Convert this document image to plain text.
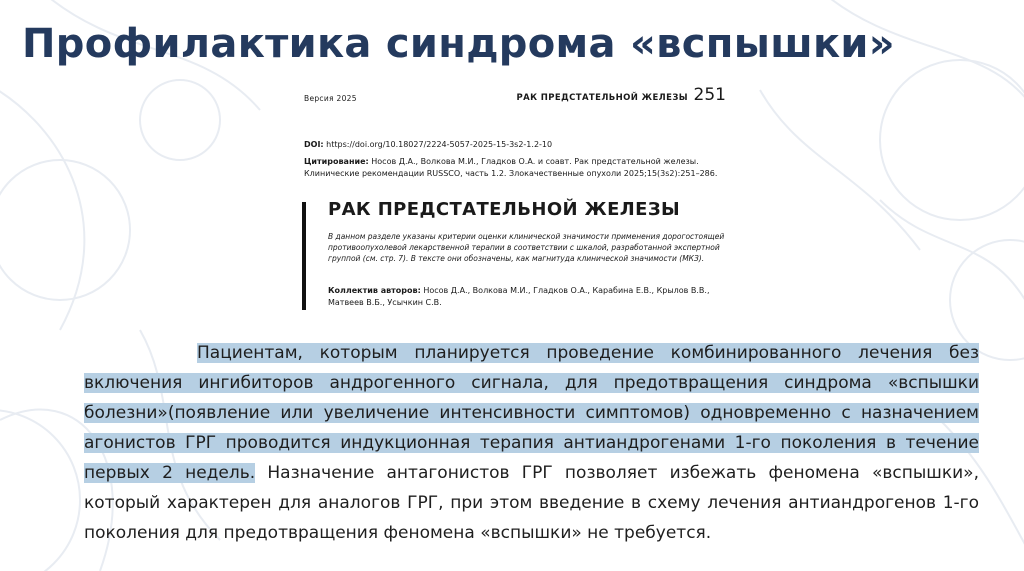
Профилактика синдрома «вспышки»
Версия 2025	РАК ПРЕДСТАТЕЛЬНОЙ ЖЕЛЕЗЫ 251
DOI: https://doi.org/10.18027/2224-5057-2025-15-3s2-1.2-10
Цитирование: Носов Д.А., Волкова М.И., Гладков О.А. и соавт. Рак предстательной железы. Клинические рекомендации RUSSCO, часть 1.2. Злокачественные опухоли 2025;15(3s2):251–286.
РАК ПРЕДСТАТЕЛЬНОЙ ЖЕЛЕЗЫ
В данном разделе указаны критерии оценки клинической значимости применения дорогостоящей противоопухолевой лекарственной терапии в соответствии с шкалой, разработанной экспертной группой (см. стр. 7). В тексте они обозначены, как магнитуда клинической значимости (МКЗ).
Коллектив авторов: Носов Д.А., Волкова М.И., Гладков О.А., Карабина Е.В., Крылов В.В., Матвеев В.Б., Усычкин С.В.

Пациентам, которым планируется проведение комбинированного лечения без включения ингибиторов андрогенного сигнала, для предотвращения синдрома «вспышки болезни»(появление или увеличение интенсивности симптомов) одновременно с назначением агонистов ГРГ проводится индукционная терапия антиандрогенами 1-го поколения в течение первых 2 недель. Назначение антагонистов ГРГ позволяет избежать феномена «вспышки», который характерен для аналогов ГРГ, при этом введение в схему лечения антиандрогенов 1-го поколения для предотвращения феномена «вспышки» не требуется.
